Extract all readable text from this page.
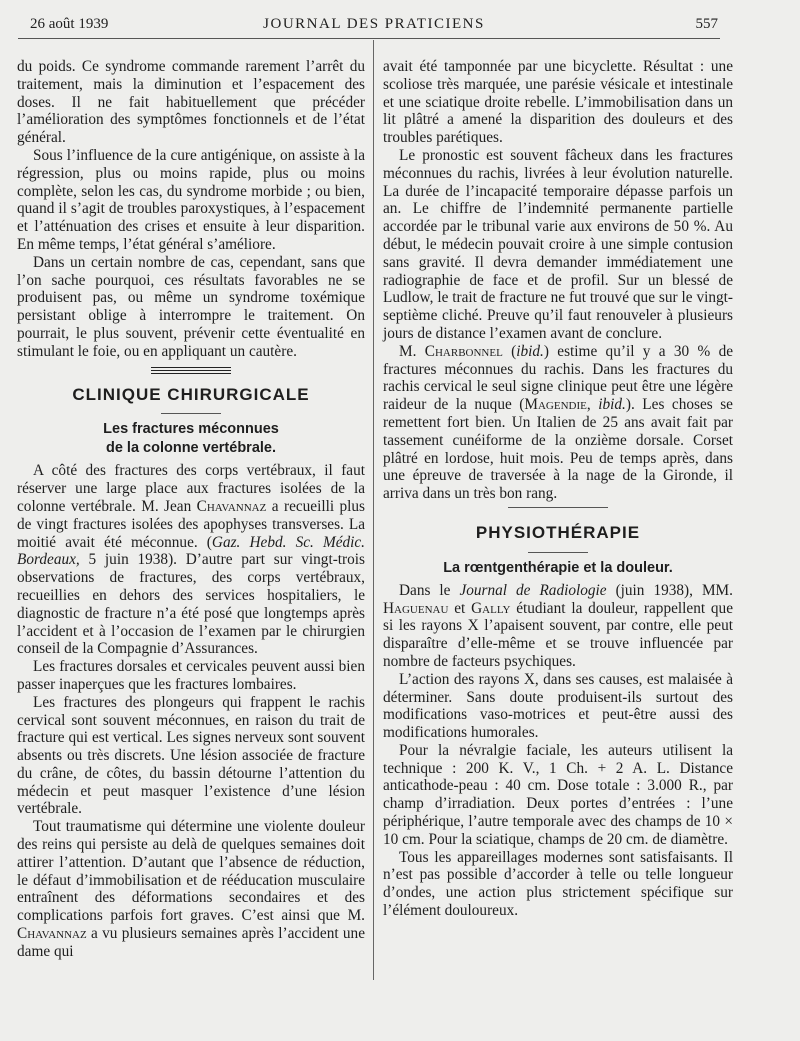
26 août 1939	JOURNAL DES PRATICIENS	557

du poids. Ce syndrome commande rarement l’arrêt du traitement, mais la diminution et l’espacement des doses. Il ne fait habituellement que précéder l’amélioration des symptômes fonctionnels et de l’état général.

Sous l’influence de la cure antigénique, on assiste à la régression, plus ou moins rapide, plus ou moins complète, selon les cas, du syndrome morbide ; ou bien, quand il s’agit de troubles paroxystiques, à l’espacement et l’atténuation des crises et ensuite à leur disparition. En même temps, l’état général s’améliore.

Dans un certain nombre de cas, cependant, sans que l’on sache pourquoi, ces résultats favorables ne se produisent pas, ou même un syndrome toxémique persistant oblige à interrompre le traitement. On pourrait, le plus souvent, prévenir cette éventualité en stimulant le foie, ou en appliquant un cautère.

CLINIQUE CHIRURGICALE
Les fractures méconnues
de la colonne vertébrale.

A côté des fractures des corps vertébraux, il faut réserver une large place aux fractures isolées de la colonne vertébrale. M. Jean Chavannaz a recueilli plus de vingt fractures isolées des apophyses transverses. La moitié avait été méconnue. (Gaz. Hebd. Sc. Médic. Bordeaux, 5 juin 1938). D’autre part sur vingt-trois observations de fractures, des corps vertébraux, recueillies en dehors des services hospitaliers, le diagnostic de fracture n’a été posé que longtemps après l’accident et à l’occasion de l’examen par le chirurgien conseil de la Compagnie d’Assurances.

Les fractures dorsales et cervicales peuvent aussi bien passer inaperçues que les fractures lombaires.

Les fractures des plongeurs qui frappent le rachis cervical sont souvent méconnues, en raison du trait de fracture qui est vertical. Les signes nerveux sont souvent absents ou très discrets. Une lésion associée de fracture du crâne, de côtes, du bassin détourne l’attention du médecin et peut masquer l’existence d’une lésion vertébrale.

Tout traumatisme qui détermine une violente douleur des reins qui persiste au delà de quelques semaines doit attirer l’attention. D’autant que l’absence de réduction, le défaut d’immobilisation et de rééducation musculaire entraînent des déformations secondaires et des complications parfois fort graves. C’est ainsi que M. Chavannaz a vu plusieurs semaines après l’accident une dame qui

avait été tamponnée par une bicyclette. Résultat : une scoliose très marquée, une parésie vésicale et intestinale et une sciatique droite rebelle. L’immobilisation dans un lit plâtré a amené la disparition des douleurs et des troubles parétiques.

Le pronostic est souvent fâcheux dans les fractures méconnues du rachis, livrées à leur évolution naturelle. La durée de l’incapacité temporaire dépasse parfois un an. Le chiffre de l’indemnité permanente partielle accordée par le tribunal varie aux environs de 50 %. Au début, le médecin pouvait croire à une simple contusion sans gravité. Il devra demander immédiatement une radiographie de face et de profil. Sur un blessé de Ludlow, le trait de fracture ne fut trouvé que sur le vingt-septième cliché. Preuve qu’il faut renouveler à plusieurs jours de distance l’examen avant de conclure.

M. Charbonnel (ibid.) estime qu’il y a 30 % de fractures méconnues du rachis. Dans les fractures du rachis cervical le seul signe clinique peut être une légère raideur de la nuque (Magendie, ibid.). Les choses se remettent fort bien. Un Italien de 25 ans avait fait par tassement cunéiforme de la onzième dorsale. Corset plâtré en lordose, huit mois. Peu de temps après, dans une épreuve de traversée à la nage de la Gironde, il arriva dans un très bon rang.

PHYSIOTHÉRAPIE
La rœntgenthérapie et la douleur.

Dans le Journal de Radiologie (juin 1938), MM. Haguenau et Gally étudiant la douleur, rappellent que si les rayons X l’apaisent souvent, par contre, elle peut disparaître d’elle-même et se trouve influencée par nombre de facteurs psychiques.

L’action des rayons X, dans ses causes, est malaisée à déterminer. Sans doute produisent-ils surtout des modifications vaso-motrices et peut-être aussi des modifications humorales.

Pour la névralgie faciale, les auteurs utilisent la technique : 200 K. V., 1 Ch. + 2 A. L. Distance anticathode-peau : 40 cm. Dose totale : 3.000 R., par champ d’irradiation. Deux portes d’entrées : l’une périphérique, l’autre temporale avec des champs de 10 × 10 cm. Pour la sciatique, champs de 20 cm. de diamètre.

Tous les appareillages modernes sont satisfaisants. Il n’est pas possible d’accorder à telle ou telle longueur d’ondes, une action plus strictement spécifique sur l’élément douloureux.
